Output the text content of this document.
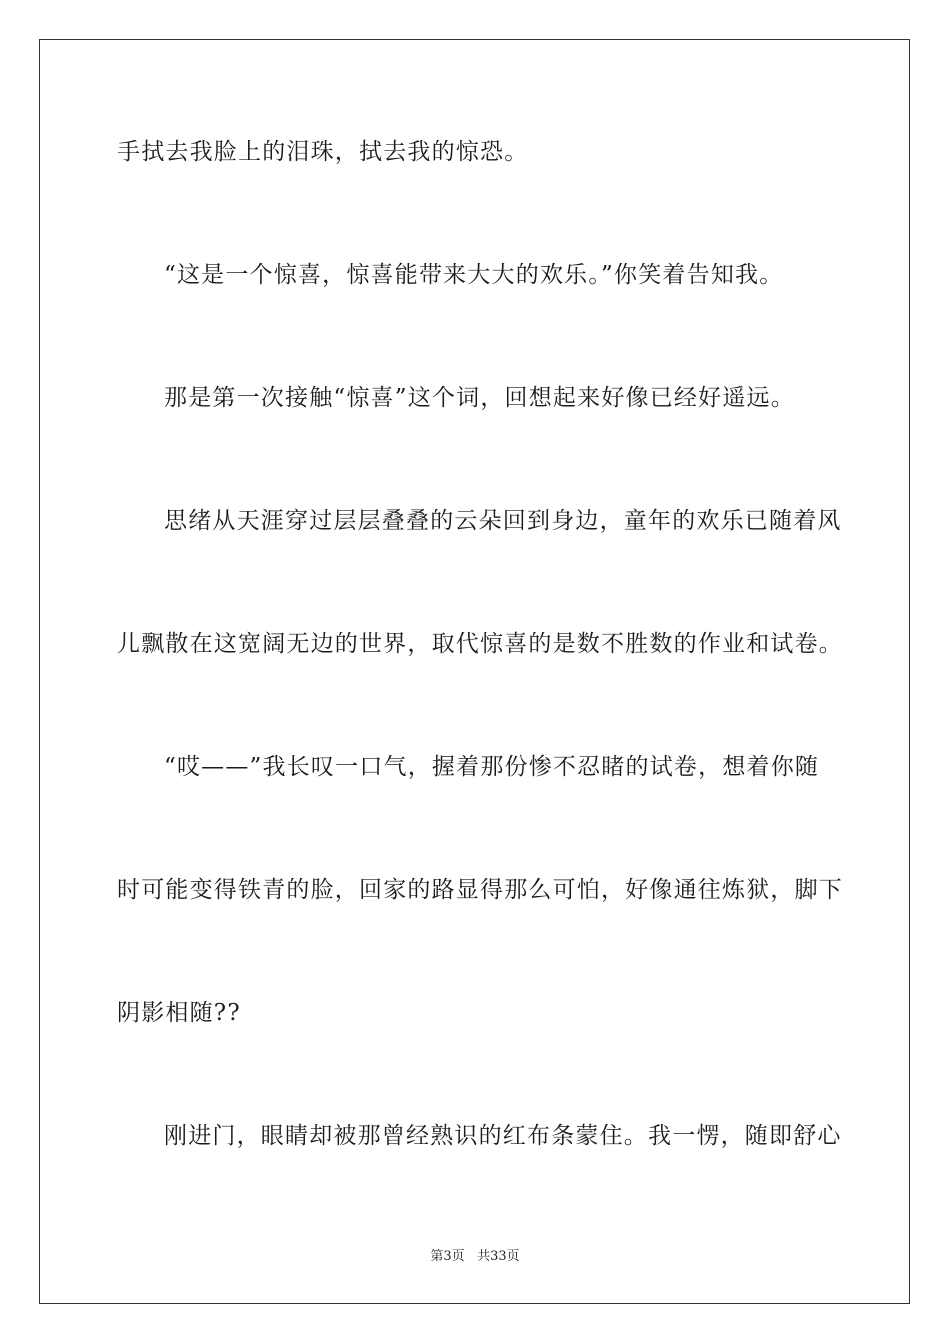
手拭去我脸上的泪珠，拭去我的惊恐。

“这是一个惊喜，惊喜能带来大大的欢乐。”你笑着告知我。

那是第一次接触“惊喜”这个词，回想起来好像已经好遥远。

思绪从天涯穿过层层叠叠的云朵回到身边，童年的欢乐已随着风

儿飘散在这宽阔无边的世界，取代惊喜的是数不胜数的作业和试卷。

“哎——”我长叹一口气，握着那份惨不忍睹的试卷，想着你随

时可能变得铁青的脸，回家的路显得那么可怕，好像通往炼狱，脚下

阴影相随??

刚进门，眼睛却被那曾经熟识的红布条蒙住。我一愣，随即舒心

第3页 共33页
